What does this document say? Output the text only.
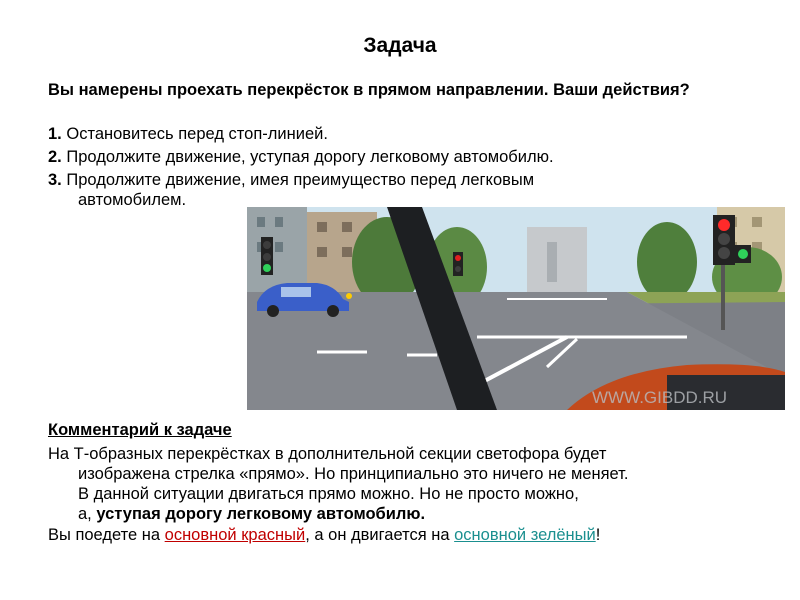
Задача
Вы намерены проехать перекрёсток в прямом направлении. Ваши действия?
1. Остановитесь перед стоп-линией.
2. Продолжите движение, уступая дорогу легковому автомобилю.
3. Продолжите движение, имея преимущество перед легковым
автомобилем.
WWW.GIBDD.RU
Комментарий к задаче
На Т-образных перекрёстках в дополнительной секции светофора будет
изображена стрелка «прямо». Но принципиально это ничего не меняет.
В данной ситуации двигаться прямо можно. Но не просто можно,
а, уступая дорогу легковому автомобилю.
Вы поедете на основной красный, а он двигается на основной зелёный!
